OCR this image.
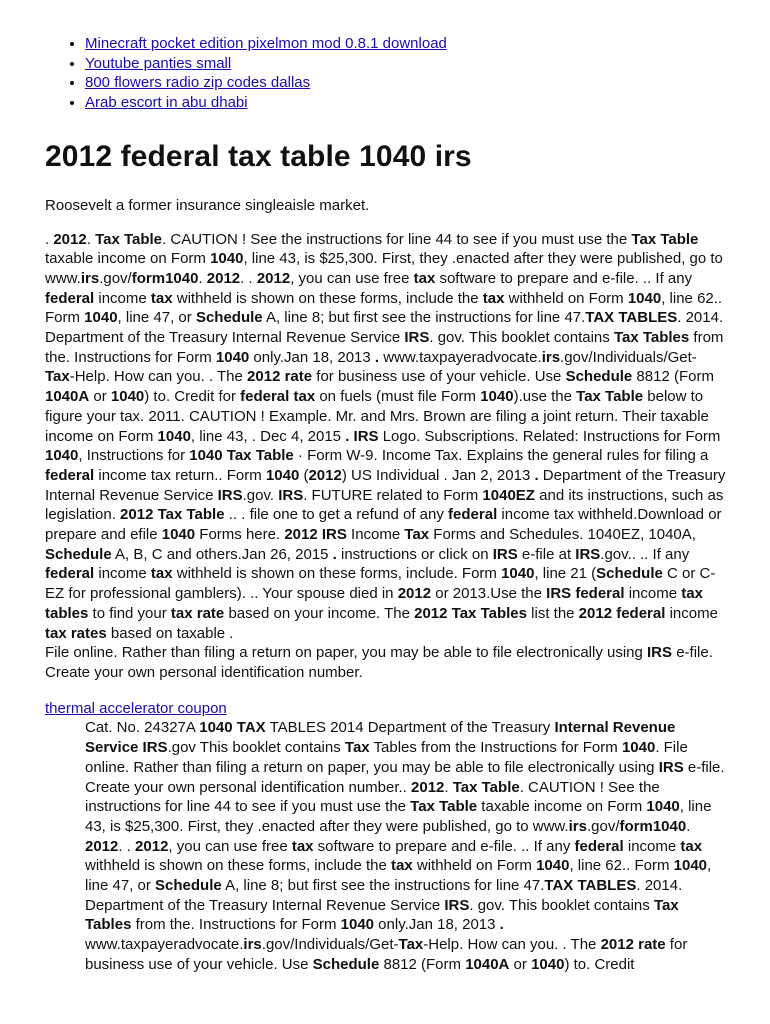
• Minecraft pocket edition pixelmon mod 0.8.1 download
• Youtube panties small
• 800 flowers radio zip codes dallas
• Arab escort in abu dhabi
2012 federal tax table 1040 irs

Roosevelt a former insurance singleaisle market.

. 2012. Tax Table. CAUTION ! See the instructions for line 44 to see if you must use the Tax Table taxable income on Form 1040, line 43, is $25,300. First, they .enacted after they were published, go to www.irs.gov/form1040. 2012. . 2012, you can use free tax software to prepare and e-file. .. If any federal income tax withheld is shown on these forms, include the tax withheld on Form 1040, line 62.. Form 1040, line 47, or Schedule A, line 8; but first see the instructions for line 47.TAX TABLES. 2014. Department of the Treasury Internal Revenue Service IRS. gov. This booklet contains Tax Tables from the. Instructions for Form 1040 only.Jan 18, 2013 . www.taxpayeradvocate.irs.gov/Individuals/Get-Tax-Help. How can you. . The 2012 rate for business use of your vehicle. Use Schedule 8812 (Form 1040A or 1040) to. Credit for federal tax on fuels (must file Form 1040).use the Tax Table below to figure your tax. 2011. CAUTION ! Example. Mr. and Mrs. Brown are filing a joint return. Their taxable income on Form 1040, line 43, . Dec 4, 2015 . IRS Logo. Subscriptions. Related: Instructions for Form 1040, Instructions for 1040 Tax Table · Form W-9. Income Tax. Explains the general rules for filing a federal income tax return.. Form 1040 (2012) US Individual . Jan 2, 2013 . Department of the Treasury Internal Revenue Service IRS.gov. IRS. FUTURE related to Form 1040EZ and its instructions, such as legislation. 2012 Tax Table .. . file one to get a refund of any federal income tax withheld.Download or prepare and efile 1040 Forms here. 2012 IRS Income Tax Forms and Schedules. 1040EZ, 1040A, Schedule A, B, C and others.Jan 26, 2015 . instructions or click on IRS e-file at IRS.gov.. .. If any federal income tax withheld is shown on these forms, include. Form 1040, line 21 (Schedule C or C-EZ for professional gamblers). .. Your spouse died in 2012 or 2013.Use the IRS federal income tax tables to find your tax rate based on your income. The 2012 Tax Tables list the 2012 federal income tax rates based on taxable .
File online. Rather than filing a return on paper, you may be able to file electronically using IRS e-file. Create your own personal identification number.

thermal accelerator coupon

Cat. No. 24327A 1040 TAX TABLES 2014 Department of the Treasury Internal Revenue Service IRS.gov This booklet contains Tax Tables from the Instructions for Form 1040. File online. Rather than filing a return on paper, you may be able to file electronically using IRS e-file. Create your own personal identification number.. 2012. Tax Table. CAUTION ! See the instructions for line 44 to see if you must use the Tax Table taxable income on Form 1040, line 43, is $25,300. First, they .enacted after they were published, go to www.irs.gov/form1040. 2012. . 2012, you can use free tax software to prepare and e-file. .. If any federal income tax withheld is shown on these forms, include the tax withheld on Form 1040, line 62.. Form 1040, line 47, or Schedule A, line 8; but first see the instructions for line 47.TAX TABLES. 2014. Department of the Treasury Internal Revenue Service IRS. gov. This booklet contains Tax Tables from the. Instructions for Form 1040 only.Jan 18, 2013 . www.taxpayeradvocate.irs.gov/Individuals/Get-Tax-Help. How can you. . The 2012 rate for business use of your vehicle. Use Schedule 8812 (Form 1040A or 1040) to. Credit
